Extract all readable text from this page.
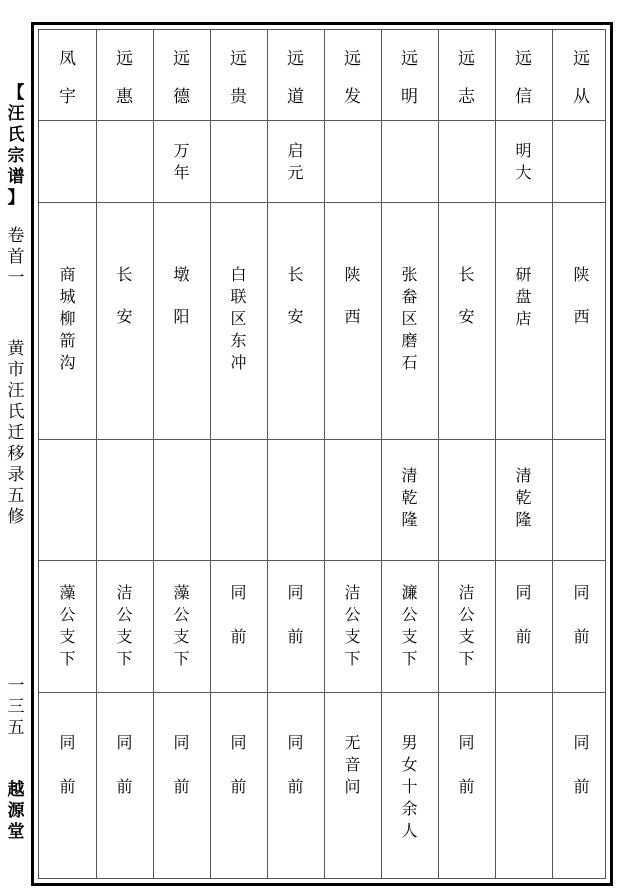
【
汪
氏
宗
谱
】
卷
首
一
黄
市
汪
氏
迁
移
录
五
修
一
三
五
越
源
堂
远
从
陕
西
同
前
同
前
远
信
明
大
研
盘
店
清
乾
隆
同
前
远
志
长
安
洁
公
支
下
同
前
远
明
张
畚
区
磨
石
清
乾
隆
濂
公
支
下
男
女
十
余
人
远
发
陕
西
洁
公
支
下
无
音
问
远
道
启
元
长
安
同
前
同
前
远
贵
白
联
区
东
冲
同
前
同
前
远
德
万
年
墩
阳
藻
公
支
下
同
前
远
惠
长
安
洁
公
支
下
同
前
凤
宇
商
城
柳
箭
沟
藻
公
支
下
同
前
